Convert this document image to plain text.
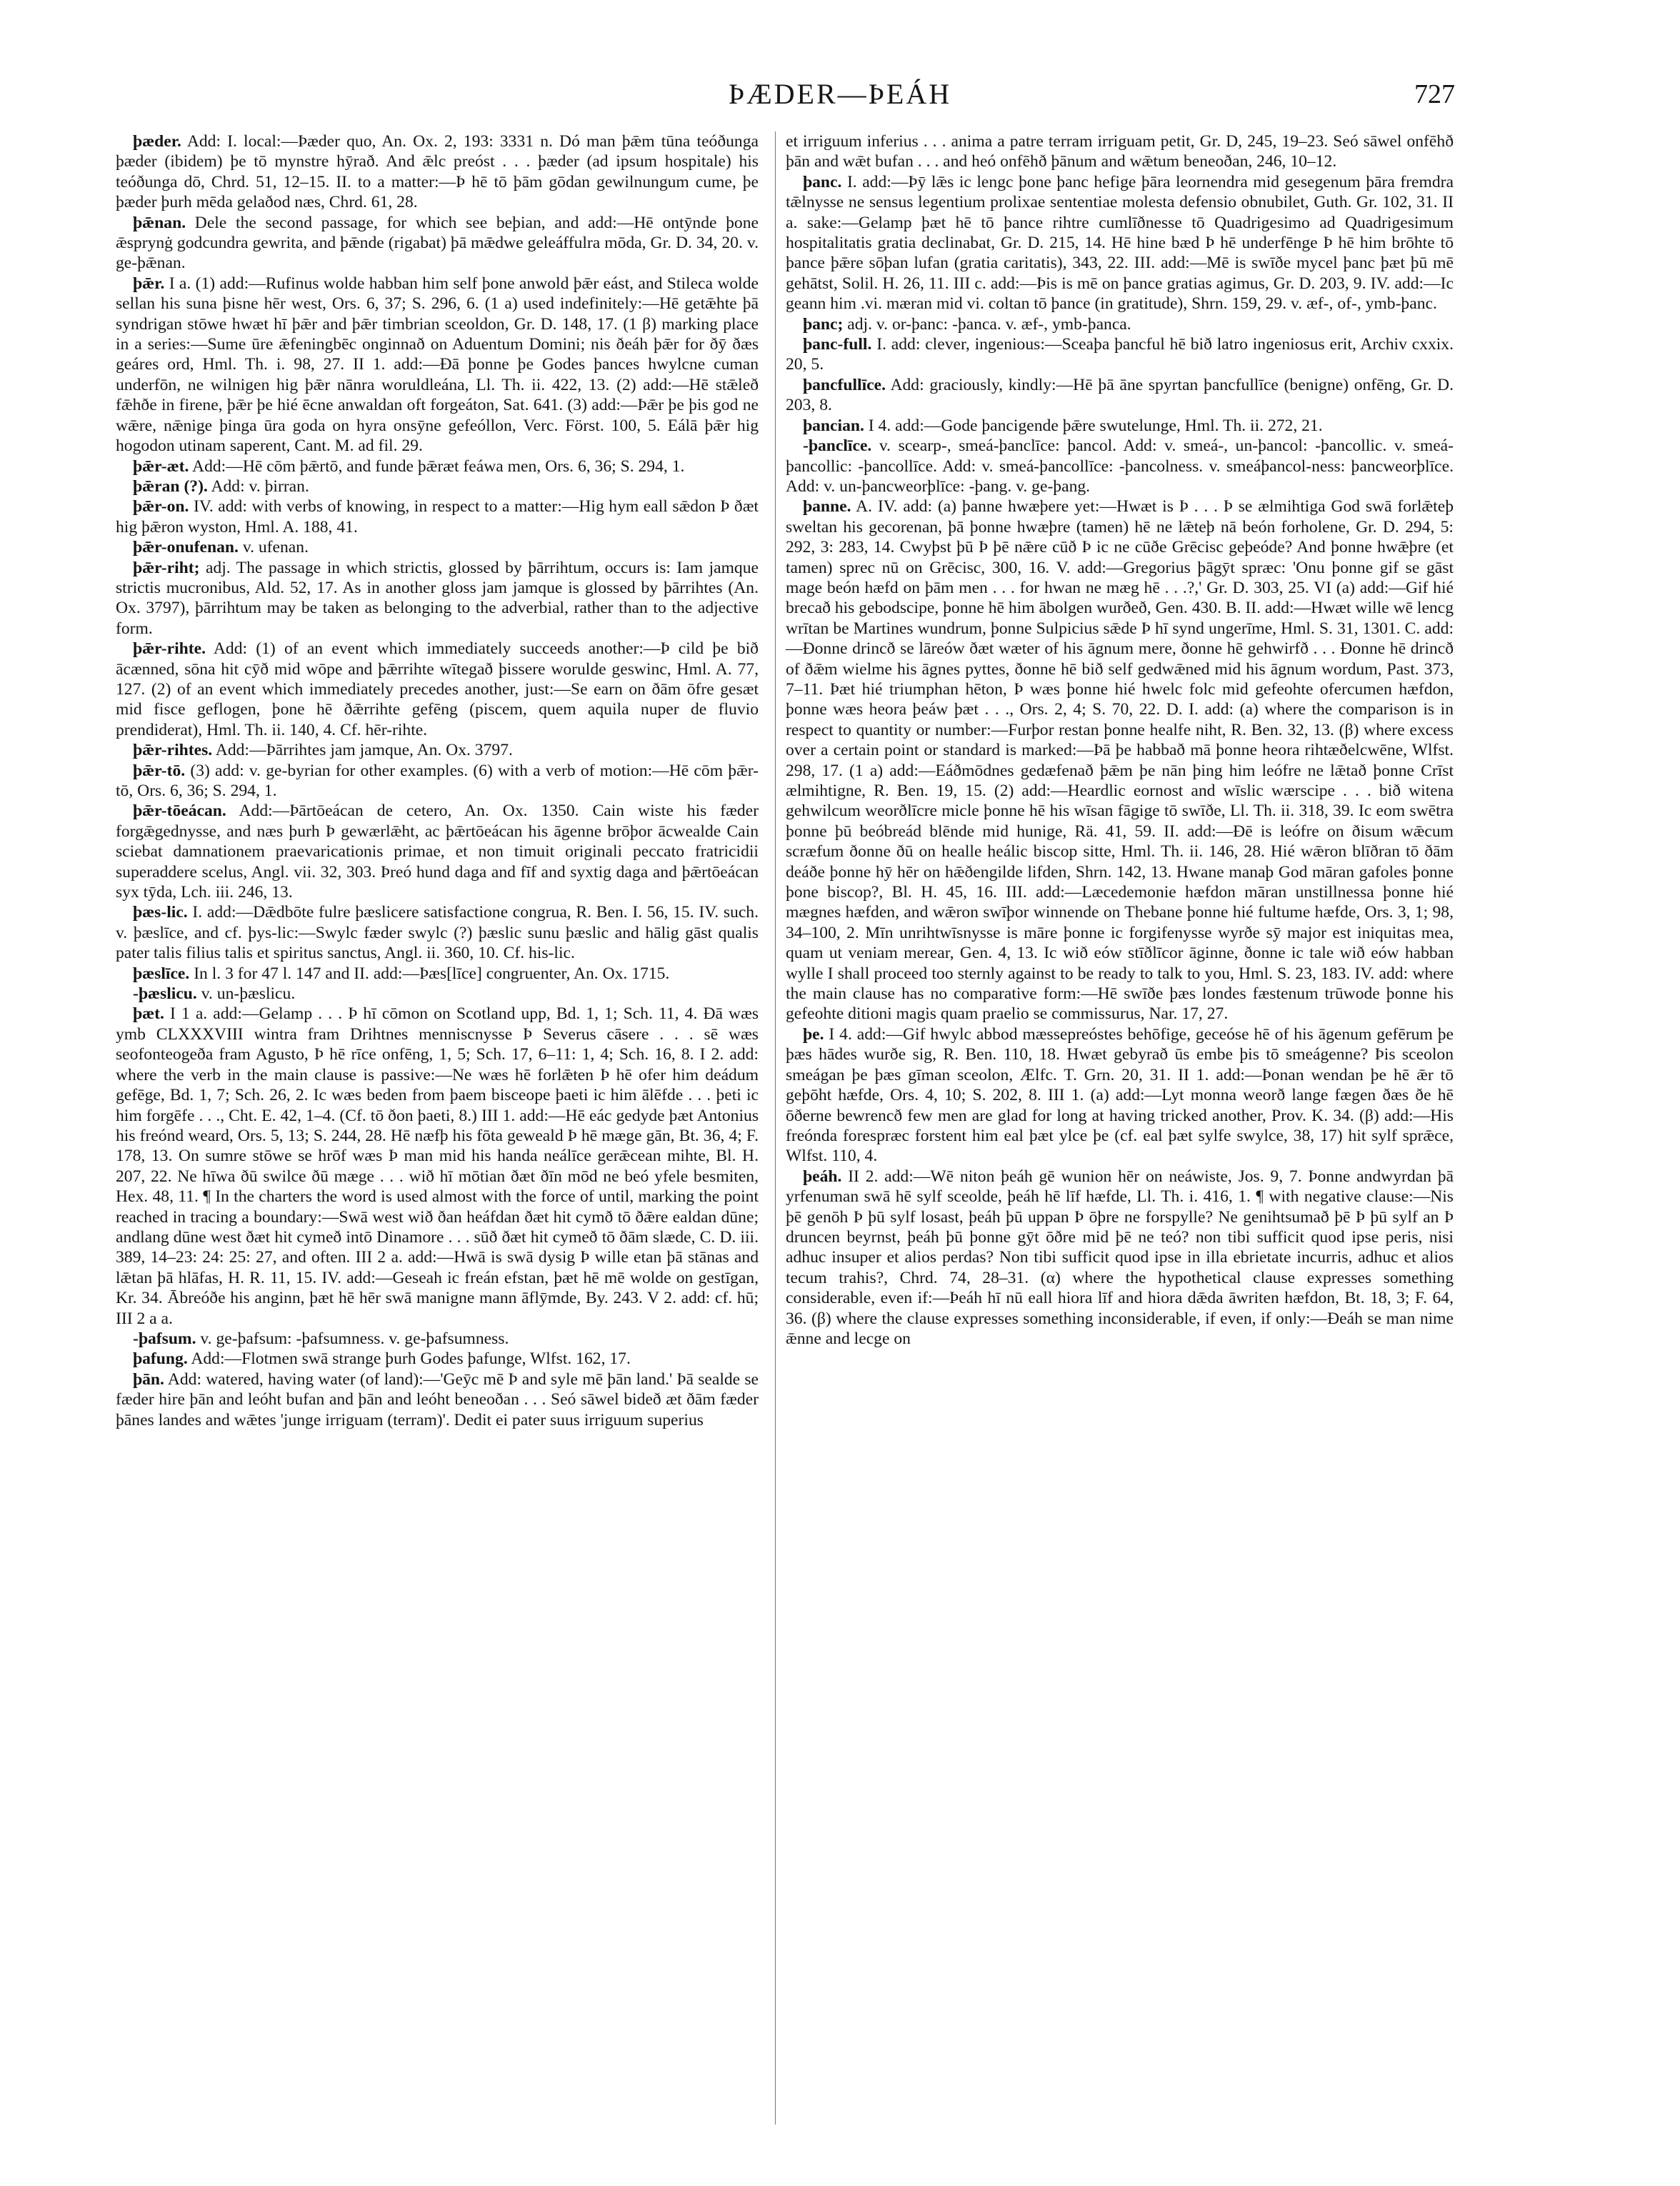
ÞÆDER—ÞEÁH	727

þæder. Add: I. local:—Þæder quo, An. Ox. 2, 193: 3331 n. Dó man þǣm tūna teóðunga þæder (ibidem) þe tō mynstre hȳrað. And ǣlc preóst . . . þæder (ad ipsum hospitale) his teóðunga dō, Chrd. 51, 12–15. II. to a matter:—Þ hē tō þām gōdan gewilnungum cume, þe þæder þurh mēda gelaðod næs, Chrd. 61, 28.

þǣnan. Dele the second passage, for which see beþian, and add:—Hē ontȳnde þone ǣsprynġ godcundra gewrita, and þǣnde (rigabat) þā mǣdwe geleáffulra mōda, Gr. D. 34, 20. v. ge-þǣnan.

þǣr. I a. (1) add:—Rufinus wolde habban him self þone anwold þǣr eást, and Stileca wolde sellan his suna þisne hēr west, Ors. 6, 37; S. 296, 6. (1 a) used indefinitely:—Hē getǣhte þā syndrigan stōwe hwæt hī þǣr and þǣr timbrian sceoldon, Gr. D. 148, 17. (1 β) marking place in a series:—Sume ūre ǣfeningbēc onginnað on Aduentum Domini; nis ðeáh þǣr for ðȳ ðæs geáres ord, Hml. Th. i. 98, 27. II 1. add:—Ðā þonne þe Godes þances hwylcne cuman underfōn, ne wilnigen hig þǣr nānra woruldleána, Ll. Th. ii. 422, 13. (2) add:—Hē stǣleð fǣhðe in firene, þǣr þe hié ēcne anwaldan oft forgeáton, Sat. 641. (3) add:—Þǣr þe þis god ne wǣre, nǣnige þinga ūra goda on hyra onsȳne gefeóllon, Verc. Först. 100, 5. Eálā þǣr hig hogodon utinam saperent, Cant. M. ad fil. 29.

þǣr-æt. Add:—Hē cōm þǣrtō, and funde þǣræt feáwa men, Ors. 6, 36; S. 294, 1.

þǣran (?). Add: v. þirran.

þǣr-on. IV. add: with verbs of knowing, in respect to a matter:—Hig hym eall sǣdon Þ ðæt hig þǣron wyston, Hml. A. 188, 41.

þǣr-onufenan. v. ufenan.

þǣr-riht; adj. The passage in which strictis, glossed by þārrihtum, occurs is: Iam jamque strictis mucronibus, Ald. 52, 17. As in another gloss jam jamque is glossed by þārrihtes (An. Ox. 3797), þārrihtum may be taken as belonging to the adverbial, rather than to the adjective form.

þǣr-rihte. Add: (1) of an event which immediately succeeds another:—Þ cild þe bið ācænned, sōna hit cȳð mid wōpe and þǣrrihte wītegað þissere worulde geswinc, Hml. A. 77, 127. (2) of an event which immediately precedes another, just:—Se earn on ðām ōfre gesæt mid fisce geflogen, þone hē ðǣrrihte gefēng (piscem, quem aquila nuper de fluvio prendiderat), Hml. Th. ii. 140, 4. Cf. hēr-rihte.

þǣr-rihtes. Add:—Þārrihtes jam jamque, An. Ox. 3797.

þǣr-tō. (3) add: v. ge-byrian for other examples. (6) with a verb of motion:—Hē cōm þǣr-tō, Ors. 6, 36; S. 294, 1.

þǣr-tōeácan. Add:—Þārtōeácan de cetero, An. Ox. 1350. Cain wiste his fæder forgǣgednysse, and næs þurh Þ gewærlǣht, ac þǣrtōeácan his āgenne brōþor ācwealde Cain sciebat damnationem praevaricationis primae, et non timuit originali peccato fratricidii superaddere scelus, Angl. vii. 32, 303. Þreó hund daga and fīf and syxtig daga and þǣrtōeácan syx tȳda, Lch. iii. 246, 13.

þæs-lic. I. add:—Dǣdbōte fulre þæslicere satisfactione congrua, R. Ben. I. 56, 15. IV. such. v. þæslīce, and cf. þys-lic:—Swylc fæder swylc (?) þæslic sunu þæslic and hālig gāst qualis pater talis filius talis et spiritus sanctus, Angl. ii. 360, 10. Cf. his-lic.

þæslīce. In l. 3 for 47 l. 147 and II. add:—Þæs[līce] congruenter, An. Ox. 1715.

-þæslicu. v. un-þæslicu.

þæt. I 1 a. add:—Gelamp . . . Þ hī cōmon on Scotland upp, Bd. 1, 1; Sch. 11, 4. Ðā wæs ymb CLXXXVIII wintra fram Drihtnes menniscnysse Þ Severus cāsere . . . sē wæs seofonteogeða fram Agusto, Þ hē rīce onfēng, 1, 5; Sch. 17, 6–11: 1, 4; Sch. 16, 8. I 2. add: where the verb in the main clause is passive:—Ne wæs hē forlǣten Þ hē ofer him deádum gefēge, Bd. 1, 7; Sch. 26, 2. Ic wæs beden from þaem bisceope þaeti ic him ālēfde . . . þeti ic him forgēfe . . ., Cht. E. 42, 1–4. (Cf. tō ðon þaeti, 8.) III 1. add:—Hē eác gedyde þæt Antonius his freónd weard, Ors. 5, 13; S. 244, 28. Hē næfþ his fōta geweald Þ hē mæge gān, Bt. 36, 4; F. 178, 13. On sumre stōwe se hrōf wæs Þ man mid his handa neálīce gerǣcean mihte, Bl. H. 207, 22. Ne hīwa ðū swilce ðū mæge . . . wið hī mōtian ðæt ðīn mōd ne beó yfele besmiten, Hex. 48, 11. ¶ In the charters the word is used almost with the force of until, marking the point reached in tracing a boundary:—Swā west wið ðan heáfdan ðæt hit cymð tō ðǣre ealdan dūne; andlang dūne west ðæt hit cymeð intō Dinamore . . . sūð ðæt hit cymeð tō ðām slæde, C. D. iii. 389, 14–23: 24: 25: 27, and often. III 2 a. add:—Hwā is swā dysig Þ wille etan þā stānas and lǣtan þā hlāfas, H. R. 11, 15. IV. add:—Geseah ic freán efstan, þæt hē mē wolde on gestīgan, Kr. 34. Ābreóðe his anginn, þæt hē hēr swā manigne mann āflȳmde, By. 243. V 2. add: cf. hū; III 2 a a.

-þafsum. v. ge-þafsum: -þafsumness. v. ge-þafsumness.

þafung. Add:—Flotmen swā strange þurh Godes þafunge, Wlfst. 162, 17.

þān. Add: watered, having water (of land):—'Geȳc mē Þ and syle mē þān land.' Þā sealde se fæder hire þān and leóht bufan and þān and leóht beneoðan . . . Seó sāwel bideð æt ðām fæder þānes landes and wǣtes 'junge irriguam (terram)'. Dedit ei pater suus irriguum superius

et irriguum inferius . . . anima a patre terram irriguam petit, Gr. D, 245, 19–23. Seó sāwel onfēhð þān and wǣt bufan . . . and heó onfēhð þānum and wǣtum beneoðan, 246, 10–12.

þanc. I. add:—Þȳ lǣs ic lengc þone þanc hefige þāra leornendra mid gesegenum þāra fremdra tǣlnysse ne sensus legentium prolixae sententiae molesta defensio obnubilet, Guth. Gr. 102, 31. II a. sake:—Gelamp þæt hē tō þance rihtre cumlīðnesse tō Quadrigesimo ad Quadrigesimum hospitalitatis gratia declinabat, Gr. D. 215, 14. Hē hine bæd Þ hē underfēnge Þ hē him brōhte tō þance þǣre sōþan lufan (gratia caritatis), 343, 22. III. add:—Mē is swīðe mycel þanc þæt þū mē gehātst, Solil. H. 26, 11. III c. add:—Þis is mē on þance gratias agimus, Gr. D. 203, 9. IV. add:—Ic geann him .vi. mæran mid vi. coltan tō þance (in gratitude), Shrn. 159, 29. v. æf-, of-, ymb-þanc.

þanc; adj. v. or-þanc: -þanca. v. æf-, ymb-þanca.

þanc-full. I. add: clever, ingenious:—Sceaþa þancful hē bið latro ingeniosus erit, Archiv cxxix. 20, 5.

þancfullīce. Add: graciously, kindly:—Hē þā āne spyrtan þancfullīce (benigne) onfēng, Gr. D. 203, 8.

þancian. I 4. add:—Gode þancigende þǣre swutelunge, Hml. Th. ii. 272, 21.

-þanclīce. v. scearp-, smeá-þanclīce: þancol. Add: v. smeá-, un-þancol: -þancollic. v. smeá-þancollic: -þancollīce. Add: v. smeá-þancollīce: -þancolness. v. smeáþancol-ness: þancweorþlīce. Add: v. un-þancweorþlīce: -þang. v. ge-þang.

þanne. A. IV. add: (a) þanne hwæþere yet:—Hwæt is Þ . . . Þ se ælmihtiga God swā forlǣteþ sweltan his gecorenan, þā þonne hwæþre (tamen) hē ne lǣteþ nā beón forholene, Gr. D. 294, 5: 292, 3: 283, 14. Cwyþst þū Þ þē nǣre cūð Þ ic ne cūðe Grēcisc geþeóde? And þonne hwǣþre (et tamen) sprec nū on Grēcisc, 300, 16. V. add:—Gregorius þāgȳt spræc: 'Onu þonne gif se gāst mage beón hæfd on þām men . . . for hwan ne mæg hē . . .?,' Gr. D. 303, 25. VI (a) add:—Gif hié brecað his gebodscipe, þonne hē him ābolgen wurðeð, Gen. 430. B. II. add:—Hwæt wille wē lencg wrītan be Martines wundrum, þonne Sulpicius sǣde Þ hī synd ungerīme, Hml. S. 31, 1301. C. add:—Ðonne drincð se lāreów ðæt wæter of his āgnum mere, ðonne hē gehwirfð . . . Ðonne hē drincð of ðǣm wielme his āgnes pyttes, ðonne hē bið self gedwǣned mid his āgnum wordum, Past. 373, 7–11. Þæt hié triumphan hēton, Þ wæs þonne hié hwelc folc mid gefeohte ofercumen hæfdon, þonne wæs heora þeáw þæt . . ., Ors. 2, 4; S. 70, 22. D. I. add: (a) where the comparison is in respect to quantity or number:—Furþor restan þonne healfe niht, R. Ben. 32, 13. (β) where excess over a certain point or standard is marked:—Þā þe habbað mā þonne heora rihtæðelcwēne, Wlfst. 298, 17. (1 a) add:—Eáðmōdnes gedæfenað þǣm þe nān þing him leófre ne lǣtað þonne Crīst ælmihtigne, R. Ben. 19, 15. (2) add:—Heardlic eornost and wīslic wærscipe . . . bið witena gehwilcum weorðlīcre micle þonne hē his wīsan fāgige tō swīðe, Ll. Th. ii. 318, 39. Ic eom swētra þonne þū beóbreád blēnde mid hunige, Rä. 41, 59. II. add:—Ðē is leófre on ðisum wǣcum scræfum ðonne ðū on healle heálic biscop sitte, Hml. Th. ii. 146, 28. Hié wǣron blīðran tō ðām deáðe þonne hȳ hēr on hǣðengilde lifden, Shrn. 142, 13. Hwane manaþ God māran gafoles þonne þone biscop?, Bl. H. 45, 16. III. add:—Læcedemonie hæfdon māran unstillnessa þonne hié mægnes hæfden, and wǣron swīþor winnende on Thebane þonne hié fultume hæfde, Ors. 3, 1; 98, 34–100, 2. Mīn unrihtwīsnysse is māre þonne ic forgifenysse wyrðe sȳ major est iniquitas mea, quam ut veniam merear, Gen. 4, 13. Ic wið eów stīðlīcor āginne, ðonne ic tale wið eów habban wylle I shall proceed too sternly against to be ready to talk to you, Hml. S. 23, 183. IV. add: where the main clause has no comparative form:—Hē swīðe þæs londes fæstenum trūwode þonne his gefeohte ditioni magis quam praelio se commissurus, Nar. 17, 27.

þe. I 4. add:—Gif hwylc abbod mæssepreóstes behōfige, geceóse hē of his āgenum gefērum þe þæs hādes wurðe sig, R. Ben. 110, 18. Hwæt gebyrað ūs embe þis tō smeágenne? Þis sceolon smeágan þe þæs gīman sceolon, Ælfc. T. Grn. 20, 31. II 1. add:—Þonan wendan þe hē ǣr tō geþōht hæfde, Ors. 4, 10; S. 202, 8. III 1. (a) add:—Lyt monna weorð lange fægen ðæs ðe hē ōðerne bewrencð few men are glad for long at having tricked another, Prov. K. 34. (β) add:—His freónda forespræc forstent him eal þæt ylce þe (cf. eal þæt sylfe swylce, 38, 17) hit sylf sprǣce, Wlfst. 110, 4.

þeáh. II 2. add:—Wē niton þeáh gē wunion hēr on neáwiste, Jos. 9, 7. Þonne andwyrdan þā yrfenuman swā hē sylf sceolde, þeáh hē līf hæfde, Ll. Th. i. 416, 1. ¶ with negative clause:—Nis þē genōh Þ þū sylf losast, þeáh þū uppan Þ ōþre ne forspylle? Ne genihtsumað þē Þ þū sylf an Þ druncen beyrnst, þeáh þū þonne gȳt ōðre mid þē ne teó? non tibi sufficit quod ipse peris, nisi adhuc insuper et alios perdas? Non tibi sufficit quod ipse in illa ebrietate incurris, adhuc et alios tecum trahis?, Chrd. 74, 28–31. (α) where the hypothetical clause expresses something considerable, even if:—Þeáh hī nū eall hiora līf and hiora dǣda āwriten hæfdon, Bt. 18, 3; F. 64, 36. (β) where the clause expresses something inconsiderable, if even, if only:—Ðeáh se man nime ǣnne and lecge on
